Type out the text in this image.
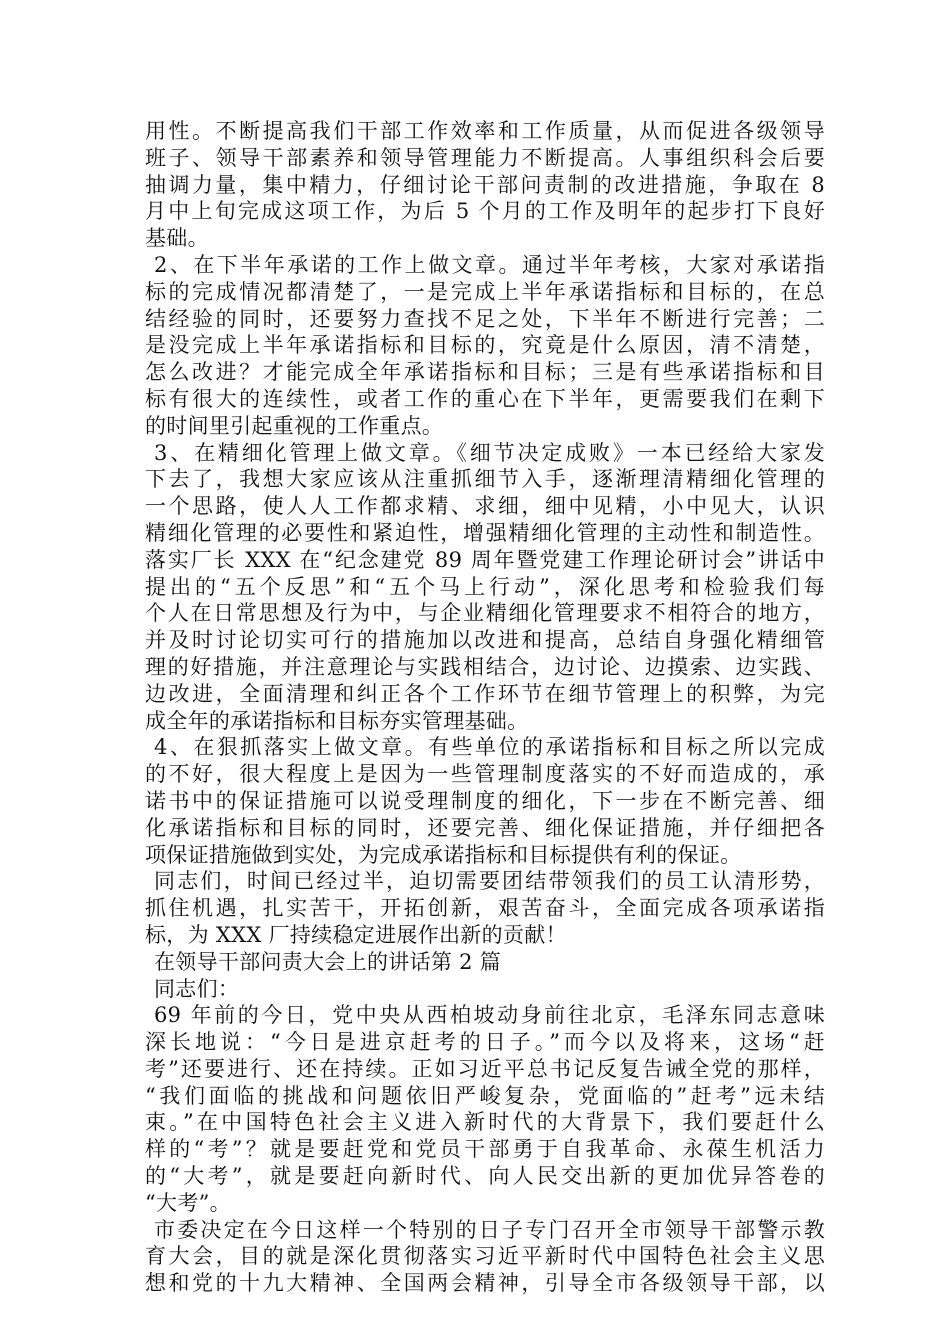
用性。不断提高我们干部工作效率和工作质量，从而促进各级领导
班子、领导干部素养和领导管理能力不断提高。人事组织科会后要
抽调力量，集中精力，仔细讨论干部问责制的改进措施，争取在 8
月中上旬完成这项工作，为后 5 个月的工作及明年的起步打下良好
基础。
2、在下半年承诺的工作上做文章。通过半年考核，大家对承诺指
标的完成情况都清楚了，一是完成上半年承诺指标和目标的，在总
结经验的同时，还要努力查找不足之处，下半年不断进行完善；二
是没完成上半年承诺指标和目标的，究竟是什么原因，清不清楚，
怎么改进？才能完成全年承诺指标和目标；三是有些承诺指标和目
标有很大的连续性，或者工作的重心在下半年，更需要我们在剩下
的时间里引起重视的工作重点。
3、在精细化管理上做文章。《细节决定成败》一本已经给大家发
下去了，我想大家应该从注重抓细节入手，逐渐理清精细化管理的
一个思路，使人人工作都求精、求细，细中见精，小中见大，认识
精细化管理的必要性和紧迫性，增强精细化管理的主动性和制造性。
落实厂长 XXX 在“纪念建党 89 周年暨党建工作理论研讨会”讲话中
提出的“五个反思”和“五个马上行动”，深化思考和检验我们每
个人在日常思想及行为中，与企业精细化管理要求不相符合的地方，
并及时讨论切实可行的措施加以改进和提高，总结自身强化精细管
理的好措施，并注意理论与实践相结合，边讨论、边摸索、边实践、
边改进，全面清理和纠正各个工作环节在细节管理上的积弊，为完
成全年的承诺指标和目标夯实管理基础。
4、在狠抓落实上做文章。有些单位的承诺指标和目标之所以完成
的不好，很大程度上是因为一些管理制度落实的不好而造成的，承
诺书中的保证措施可以说受理制度的细化，下一步在不断完善、细
化承诺指标和目标的同时，还要完善、细化保证措施，并仔细把各
项保证措施做到实处，为完成承诺指标和目标提供有利的保证。
同志们，时间已经过半，迫切需要团结带领我们的员工认清形势，
抓住机遇，扎实苦干，开拓创新，艰苦奋斗，全面完成各项承诺指
标，为 XXX 厂持续稳定进展作出新的贡献！
在领导干部问责大会上的讲话第 2 篇
同志们：
69 年前的今日，党中央从西柏坡动身前往北京，毛泽东同志意味
深长地说：“今日是进京赶考的日子。”而今以及将来，这场“赶
考”还要进行、还在持续。正如习近平总书记反复告诫全党的那样，
“我们面临的挑战和问题依旧严峻复杂，党面临的”赶考”远未结
束。”在中国特色社会主义进入新时代的大背景下，我们要赶什么
样的“考”？就是要赶党和党员干部勇于自我革命、永葆生机活力
的“大考”，就是要赶向新时代、向人民交出新的更加优异答卷的
“大考”。
市委决定在今日这样一个特别的日子专门召开全市领导干部警示教
育大会，目的就是深化贯彻落实习近平新时代中国特色社会主义思
想和党的十九大精神、全国两会精神，引导全市各级领导干部，以
